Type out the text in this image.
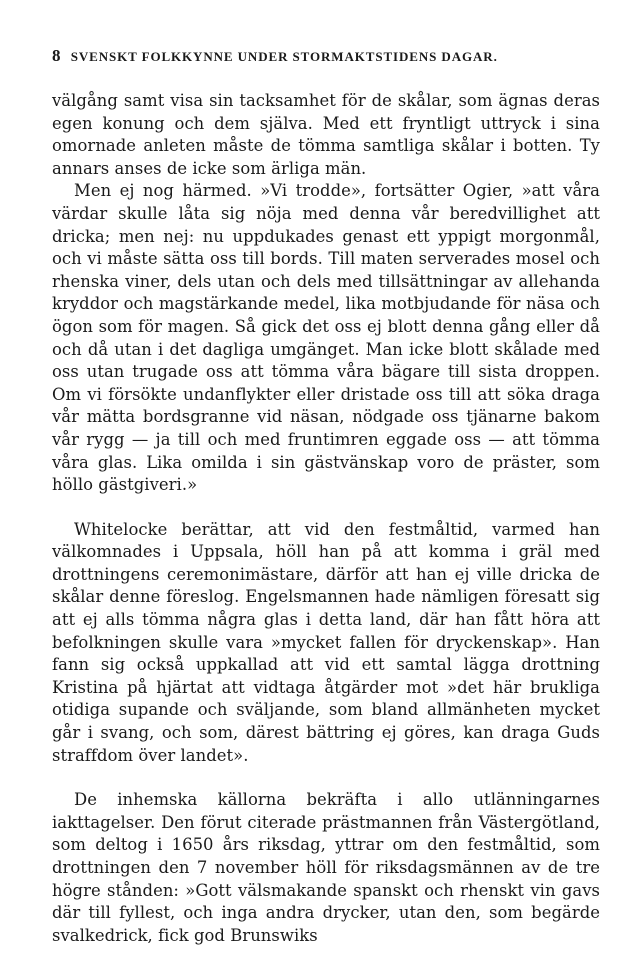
8 SVENSKT FOLKKYNNE UNDER STORMAKTSTIDENS DAGAR.

välgång samt visa sin tacksamhet för de skålar, som ägnas deras egen konung och dem själva. Med ett fryntligt uttryck i sina omornade anleten måste de tömma samtliga skålar i botten. Ty annars anses de icke som ärliga män.

Men ej nog härmed. »Vi trodde», fortsätter Ogier, »att våra värdar skulle låta sig nöja med denna vår beredvillighet att dricka; men nej: nu uppdukades genast ett yppigt morgonmål, och vi måste sätta oss till bords. Till maten serverades mosel och rhenska viner, dels utan och dels med tillsättningar av allehanda kryddor och magstärkande medel, lika motbjudande för näsa och ögon som för magen. Så gick det oss ej blott denna gång eller då och då utan i det dagliga umgänget. Man icke blott skålade med oss utan trugade oss att tömma våra bägare till sista droppen. Om vi försökte undanflykter eller dristade oss till att söka draga vår mätta bordsgranne vid näsan, nödgade oss tjänarne bakom vår rygg — ja till och med fruntimren eggade oss — att tömma våra glas. Lika omilda i sin gästvänskap voro de präster, som höllo gästgiveri.»

Whitelocke berättar, att vid den festmåltid, varmed han välkomnades i Uppsala, höll han på att komma i gräl med drottningens ceremonimästare, därför att han ej ville dricka de skålar denne föreslog. Engelsmannen hade nämligen föresatt sig att ej alls tömma några glas i detta land, där han fått höra att befolkningen skulle vara »mycket fallen för dryckenskap». Han fann sig också uppkallad att vid ett samtal lägga drottning Kristina på hjärtat att vidtaga åtgärder mot »det här brukliga otidiga supande och sväljande, som bland allmänheten mycket går i svang, och som, därest bättring ej göres, kan draga Guds straffdom över landet».

De inhemska källorna bekräfta i allo utlänningarnes iakttagelser. Den förut citerade prästmannen från Västergötland, som deltog i 1650 års riksdag, yttrar om den festmåltid, som drottningen den 7 november höll för riksdagsmännen av de tre högre stånden: »Gott välsmakande spanskt och rhenskt vin gavs där till fyllest, och inga andra drycker, utan den, som begärde svalkedrick, fick god Brunswiks
